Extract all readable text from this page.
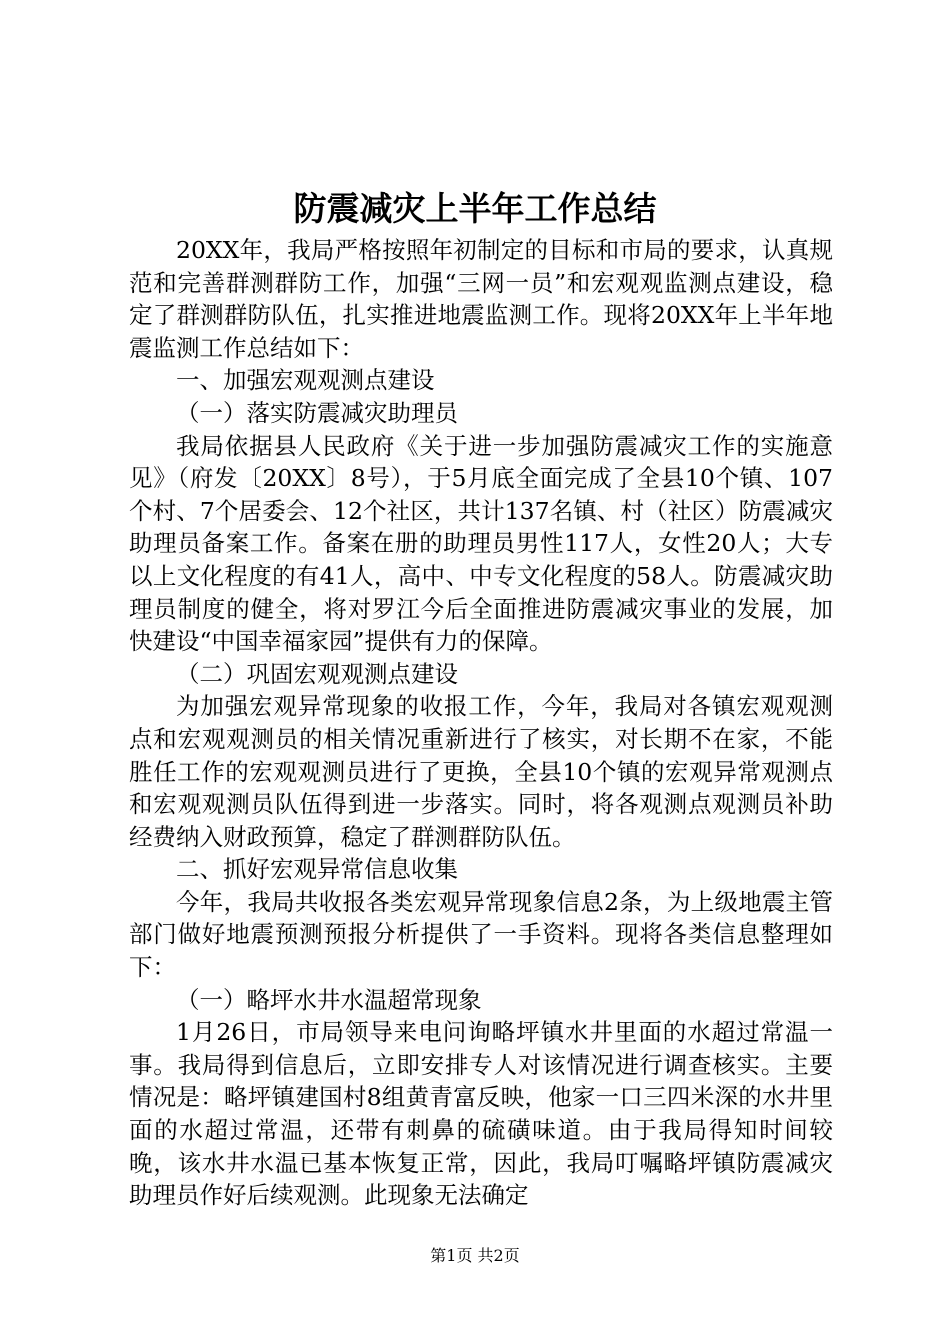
防震减灾上半年工作总结

20XX年，我局严格按照年初制定的目标和市局的要求，认真规范和完善群测群防工作，加强“三网一员”和宏观观监测点建设，稳定了群测群防队伍，扎实推进地震监测工作。现将20XX年上半年地震监测工作总结如下：

一、加强宏观观测点建设

（一）落实防震减灾助理员

我局依据县人民政府《关于进一步加强防震减灾工作的实施意见》（府发〔20XX〕8号），于5月底全面完成了全县10个镇、107个村、7个居委会、12个社区，共计137名镇、村（社区）防震减灾助理员备案工作。备案在册的助理员男性117人，女性20人；大专以上文化程度的有41人，高中、中专文化程度的58人。防震减灾助理员制度的健全，将对罗江今后全面推进防震减灾事业的发展，加快建设“中国幸福家园”提供有力的保障。

（二）巩固宏观观测点建设

为加强宏观异常现象的收报工作，今年，我局对各镇宏观观测点和宏观观测员的相关情况重新进行了核实，对长期不在家，不能胜任工作的宏观观测员进行了更换，全县10个镇的宏观异常观测点和宏观观测员队伍得到进一步落实。同时，将各观测点观测员补助经费纳入财政预算，稳定了群测群防队伍。

二、抓好宏观异常信息收集

今年，我局共收报各类宏观异常现象信息2条，为上级地震主管部门做好地震预测预报分析提供了一手资料。现将各类信息整理如下：

（一）略坪水井水温超常现象

1月26日，市局领导来电问询略坪镇水井里面的水超过常温一事。我局得到信息后，立即安排专人对该情况进行调查核实。主要情况是：略坪镇建国村8组黄青富反映，他家一口三四米深的水井里面的水超过常温，还带有刺鼻的硫磺味道。由于我局得知时间较晚，该水井水温已基本恢复正常，因此，我局叮嘱略坪镇防震减灾助理员作好后续观测。此现象无法确定

第1页 共2页
